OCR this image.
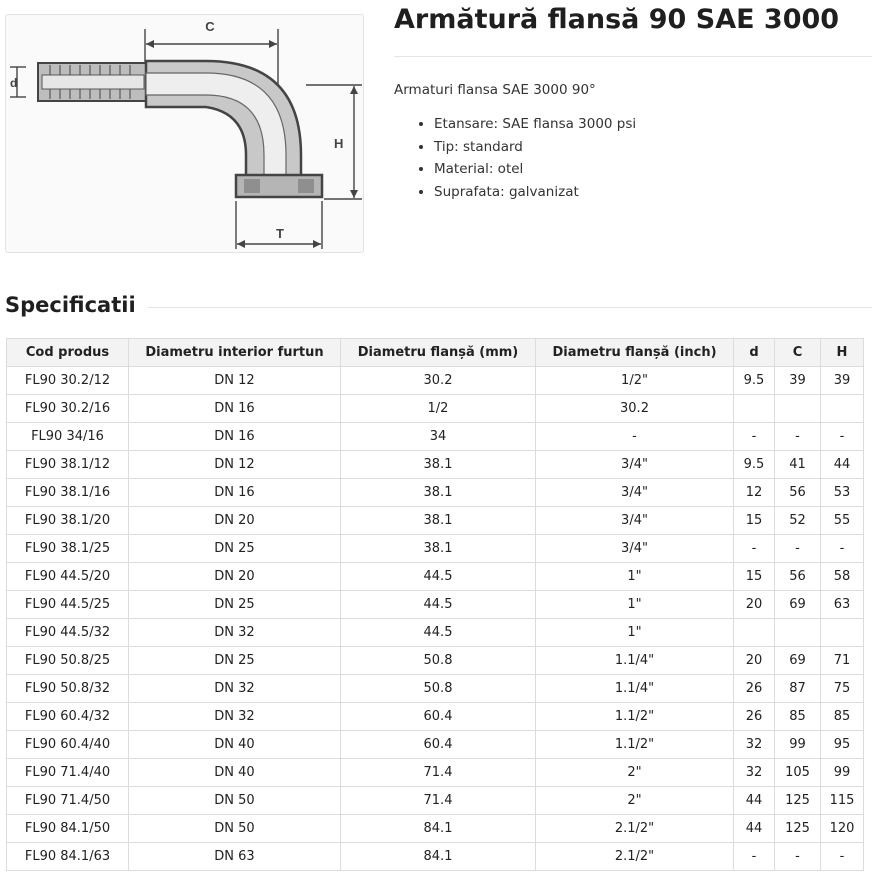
C
d
H
T
Armătură flansă 90 SAE 3000
Armaturi flansa SAE 3000 90°
• Etansare: SAE flansa 3000 psi
• Tip: standard
• Material: otel
• Suprafata: galvanizat
Specificatii
Cod produs	Diametru interior furtun	Diametru flanșă (mm)	Diametru flanșă (inch)	d	C	H
FL90 30.2/12	DN 12	30.2	1/2"	9.5	39	39
FL90 30.2/16	DN 16	1/2	30.2			
FL90 34/16	DN 16	34	-	-	-	-
FL90 38.1/12	DN 12	38.1	3/4"	9.5	41	44
FL90 38.1/16	DN 16	38.1	3/4"	12	56	53
FL90 38.1/20	DN 20	38.1	3/4"	15	52	55
FL90 38.1/25	DN 25	38.1	3/4"	-	-	-
FL90 44.5/20	DN 20	44.5	1"	15	56	58
FL90 44.5/25	DN 25	44.5	1"	20	69	63
FL90 44.5/32	DN 32	44.5	1"			
FL90 50.8/25	DN 25	50.8	1.1/4"	20	69	71
FL90 50.8/32	DN 32	50.8	1.1/4"	26	87	75
FL90 60.4/32	DN 32	60.4	1.1/2"	26	85	85
FL90 60.4/40	DN 40	60.4	1.1/2"	32	99	95
FL90 71.4/40	DN 40	71.4	2"	32	105	99
FL90 71.4/50	DN 50	71.4	2"	44	125	115
FL90 84.1/50	DN 50	84.1	2.1/2"	44	125	120
FL90 84.1/63	DN 63	84.1	2.1/2"	-	-	-
